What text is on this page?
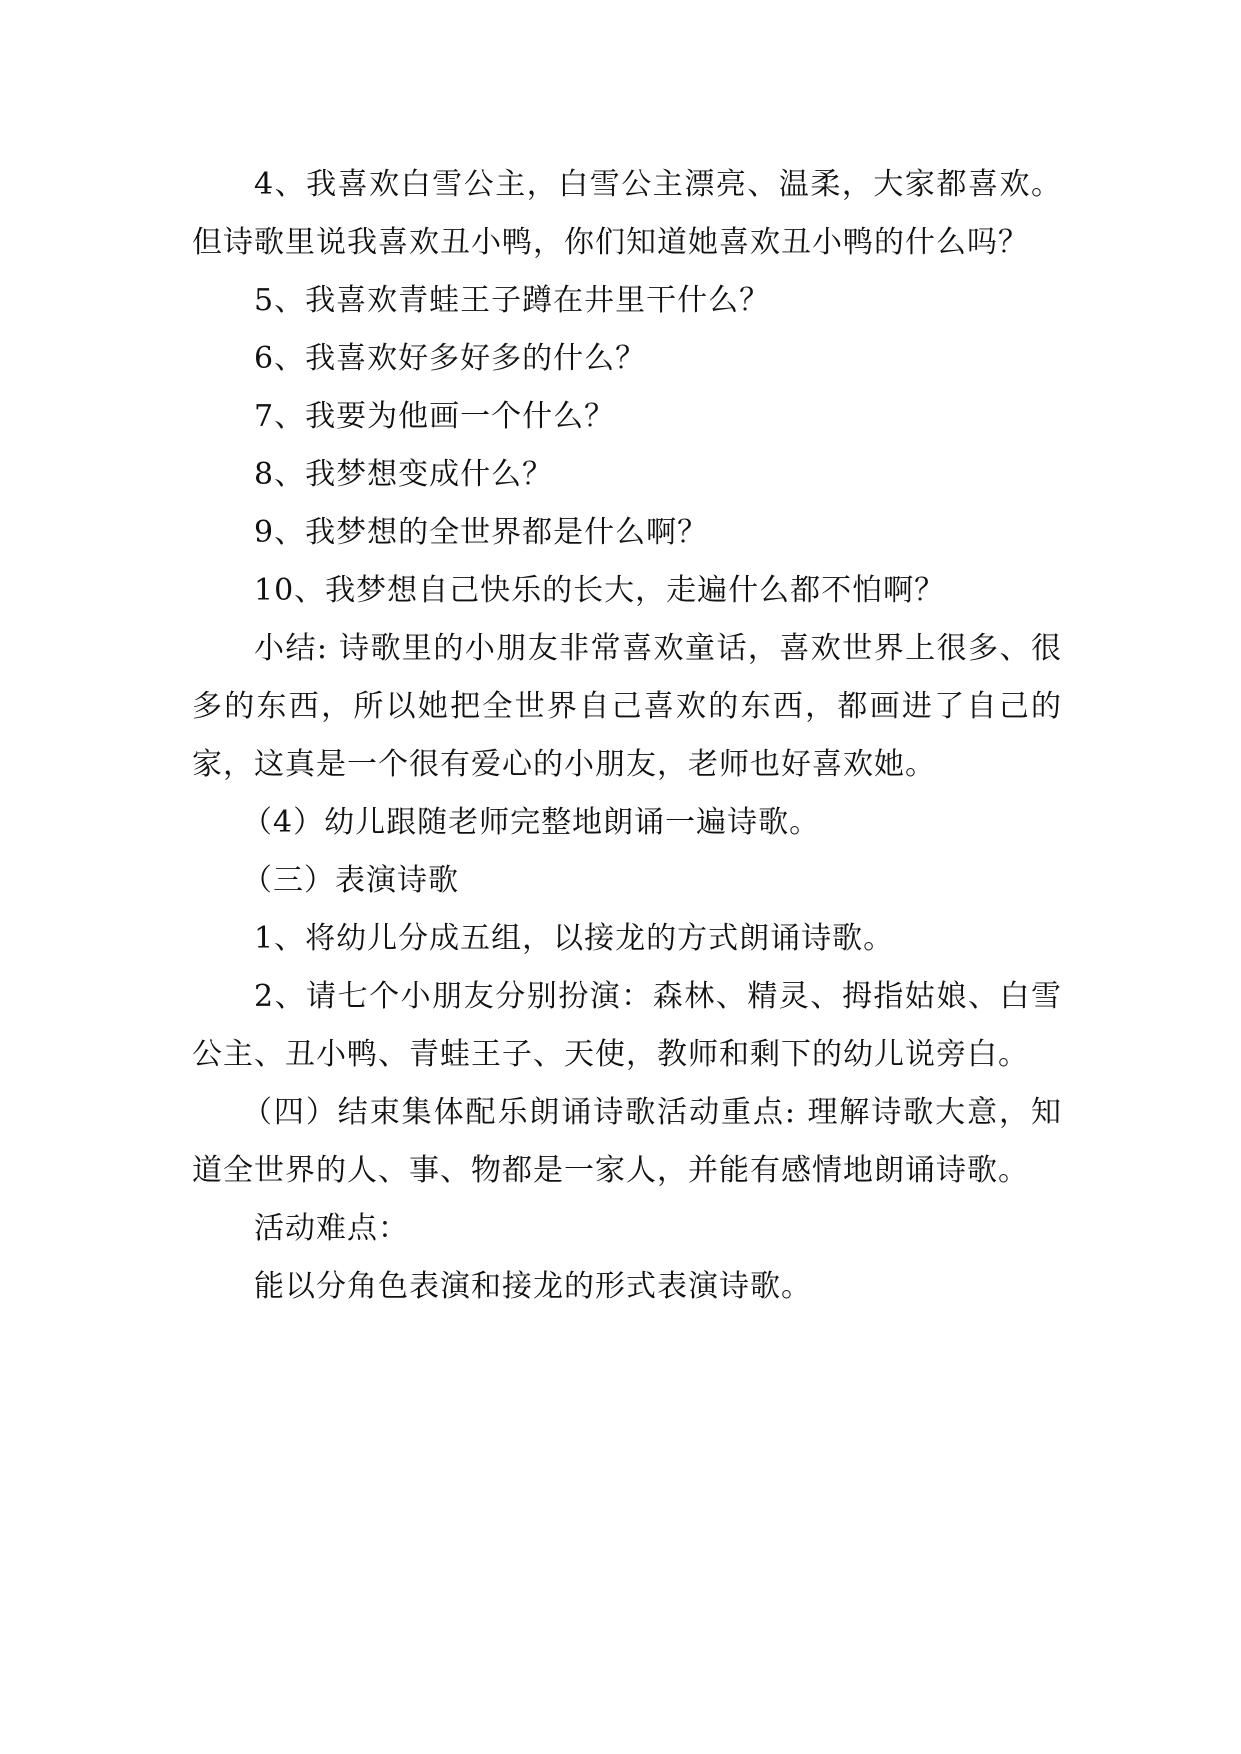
4、我喜欢白雪公主，白雪公主漂亮、温柔，大家都喜欢。但诗歌里说我喜欢丑小鸭，你们知道她喜欢丑小鸭的什么吗？

5、我喜欢青蛙王子蹲在井里干什么？

6、我喜欢好多好多的什么？

7、我要为他画一个什么？

8、我梦想变成什么？

9、我梦想的全世界都是什么啊？

10、我梦想自己快乐的长大，走遍什么都不怕啊？

小结: 诗歌里的小朋友非常喜欢童话，喜欢世界上很多、很多的东西，所以她把全世界自己喜欢的东西，都画进了自己的家，这真是一个很有爱心的小朋友，老师也好喜欢她。

（4）幼儿跟随老师完整地朗诵一遍诗歌。

（三）表演诗歌

1、将幼儿分成五组，以接龙的方式朗诵诗歌。

2、请七个小朋友分别扮演：森林、精灵、拇指姑娘、白雪公主、丑小鸭、青蛙王子、天使，教师和剩下的幼儿说旁白。

（四）结束集体配乐朗诵诗歌活动重点: 理解诗歌大意，知道全世界的人、事、物都是一家人，并能有感情地朗诵诗歌。

活动难点：

能以分角色表演和接龙的形式表演诗歌。
